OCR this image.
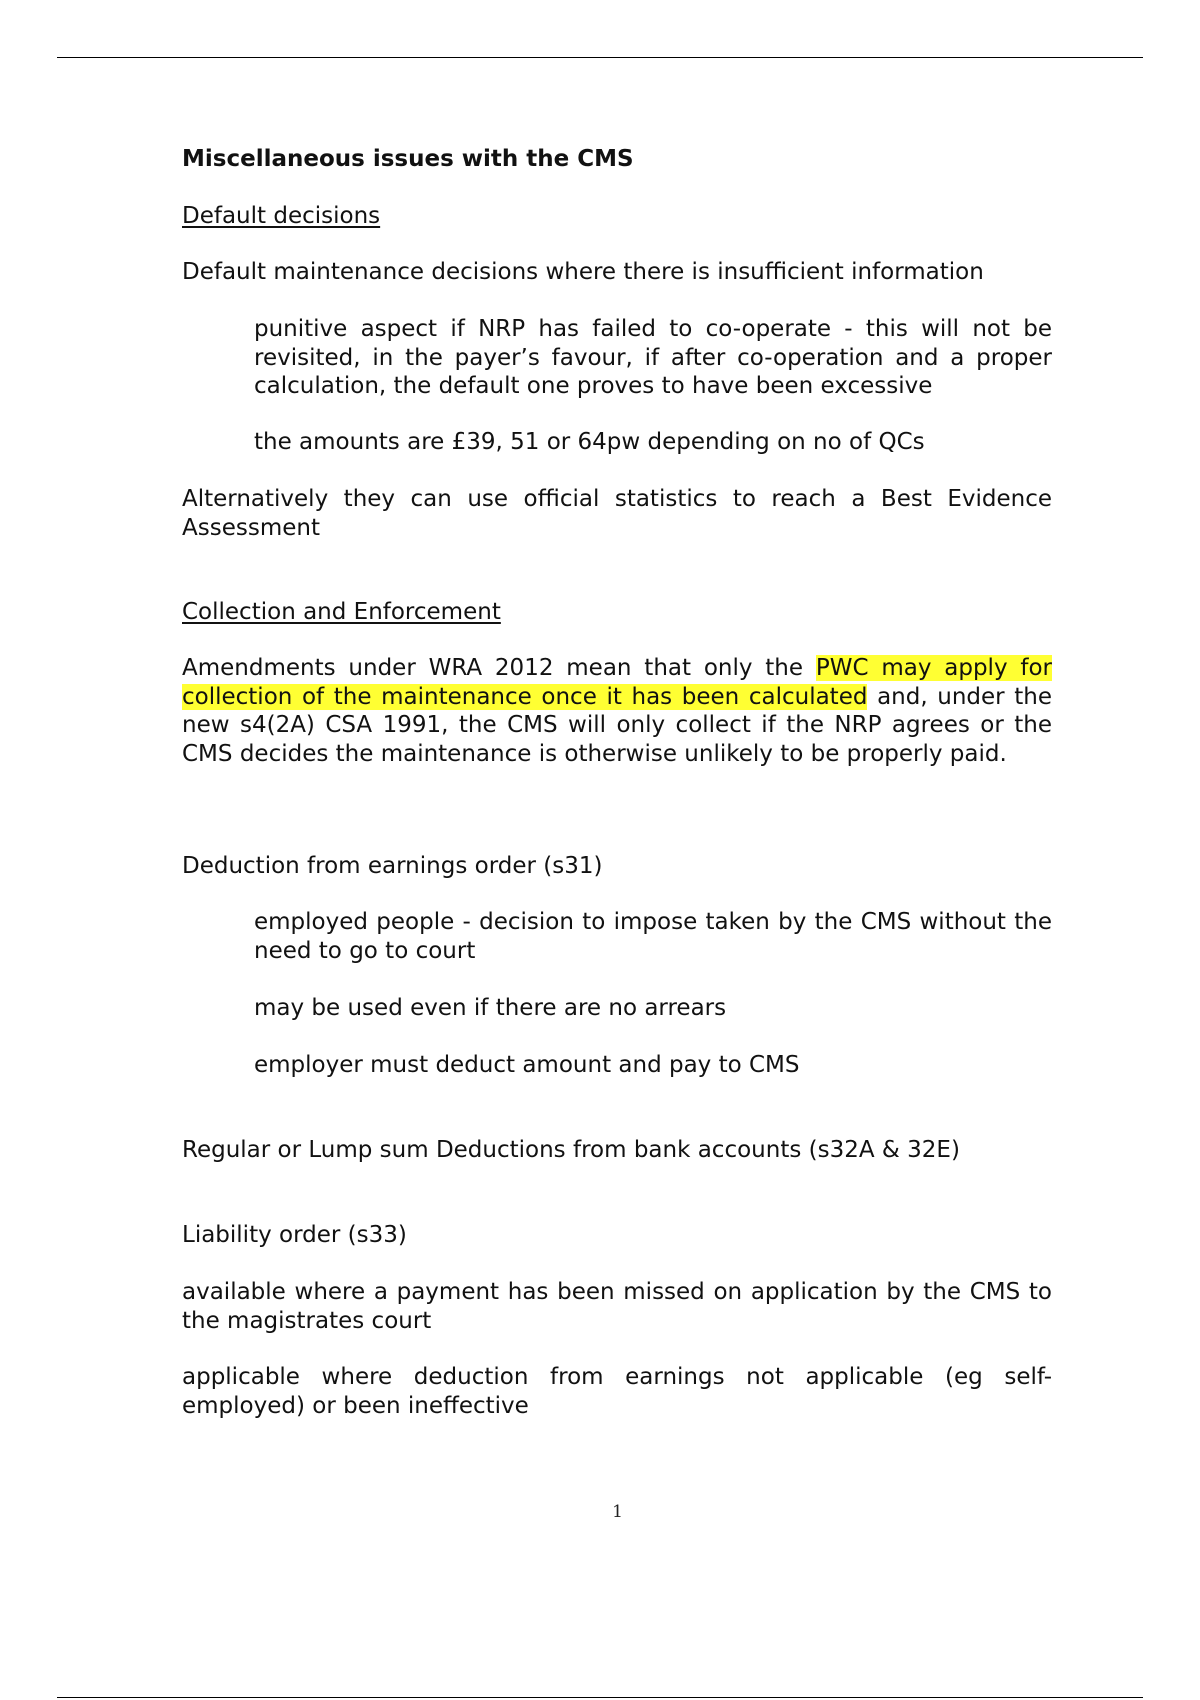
Miscellaneous issues with the CMS

Default decisions

Default maintenance decisions where there is insufficient information

punitive aspect if NRP has failed to co-operate - this will not be revisited, in the payer’s favour, if after co-operation and a proper calculation, the default one proves to have been excessive

the amounts are £39, 51 or 64pw depending on no of QCs

Alternatively they can use official statistics to reach a Best Evidence Assessment

Collection and Enforcement

Amendments under WRA 2012 mean that only the PWC may apply for collection of the maintenance once it has been calculated and, under the new s4(2A) CSA 1991, the CMS will only collect if the NRP agrees or the CMS decides the maintenance is otherwise unlikely to be properly paid.

Deduction from earnings order (s31)

employed people - decision to impose taken by the CMS without the need to go to court

may be used even if there are no arrears

employer must deduct amount and pay to CMS

Regular or Lump sum Deductions from bank accounts (s32A & 32E)

Liability order (s33)

available where a payment has been missed on application by the CMS to the magistrates court

applicable where deduction from earnings not applicable (eg self-employed) or been ineffective

1
